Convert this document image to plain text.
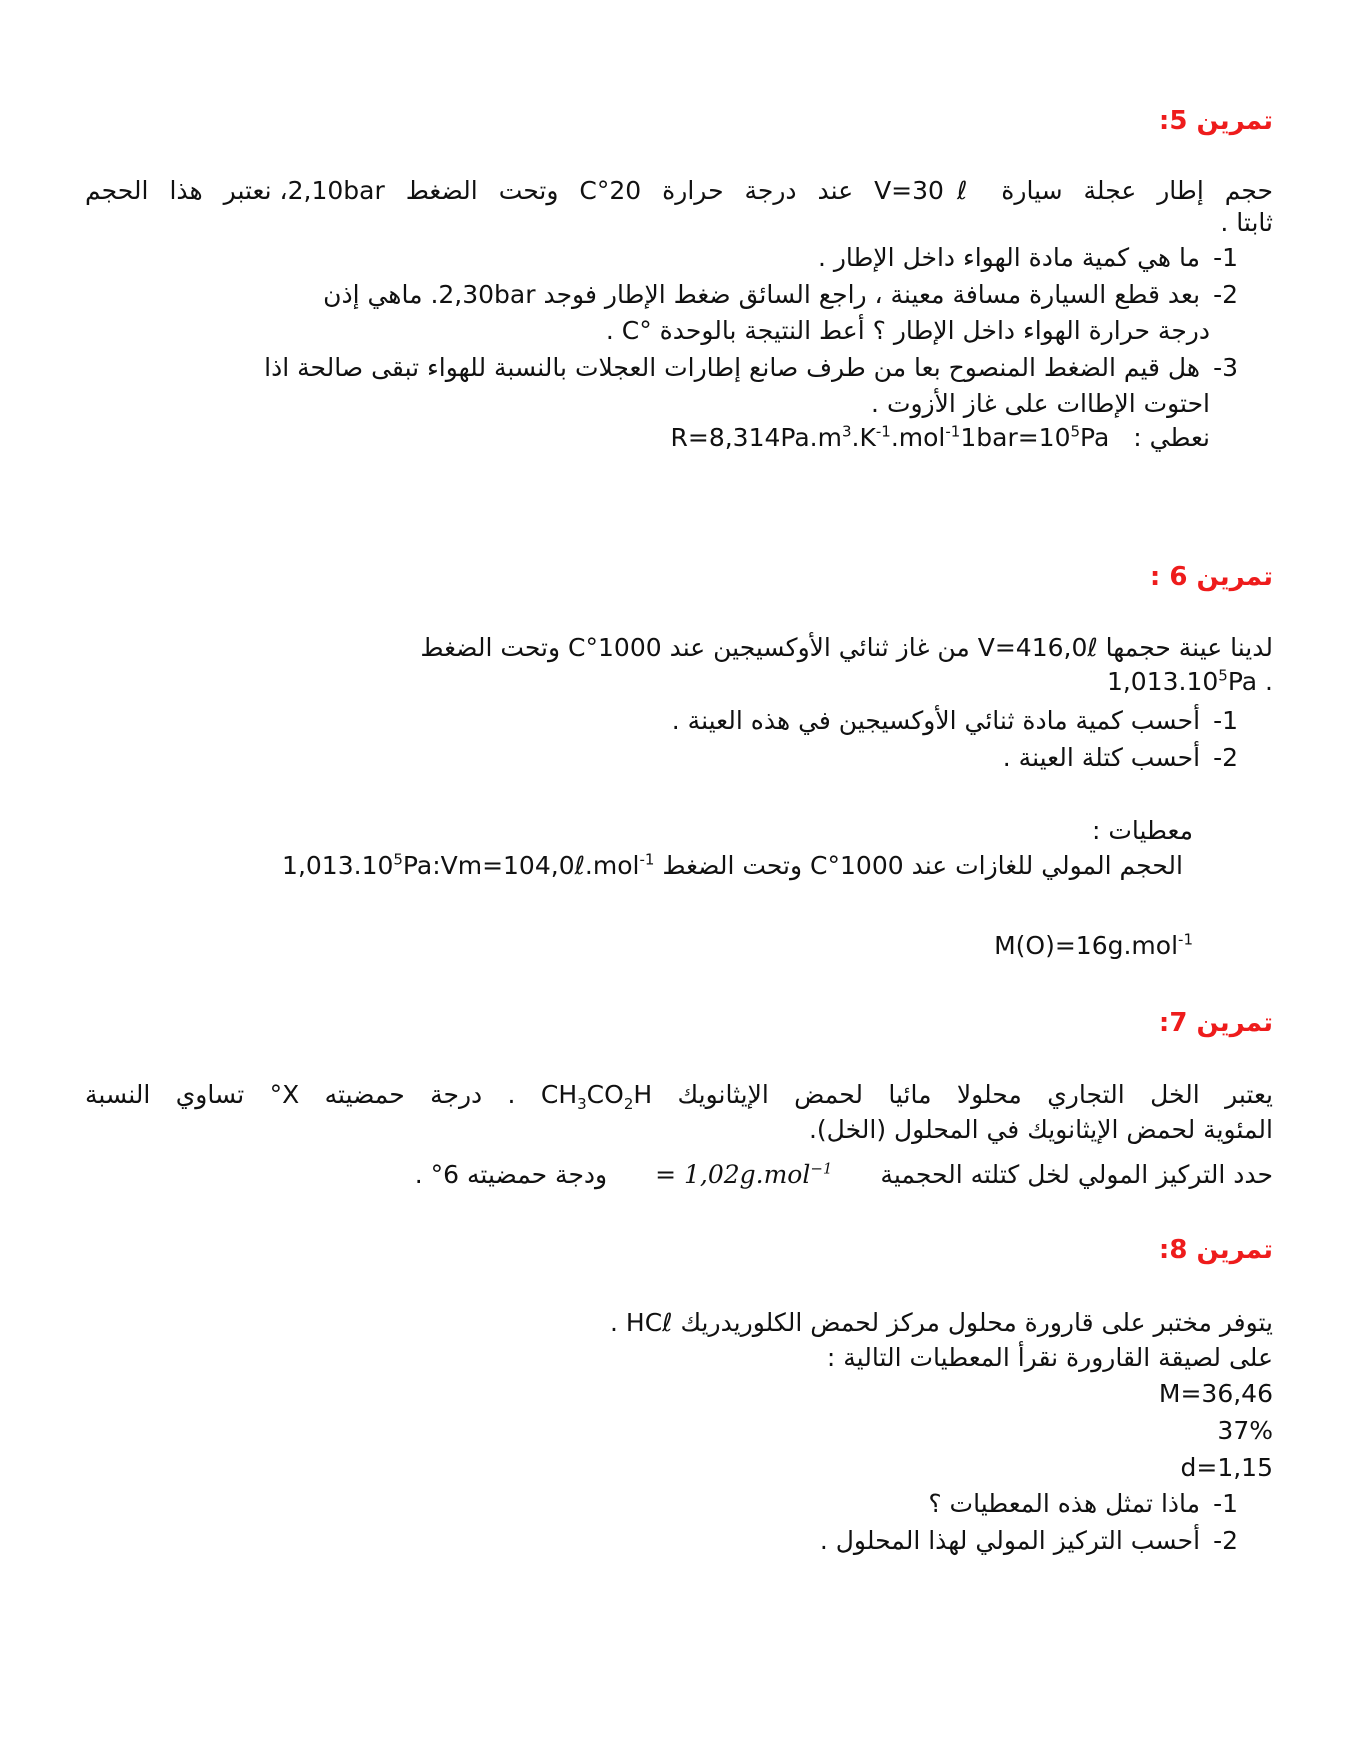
تمرين 5:
حجم إطار عجلة سيارة V=30ℓ عند درجة حرارة 20°C وتحت الضغط 2,10bar، نعتبر هذا الحجم
ثابتا .
1- ما هي كمية مادة الهواء داخل الإطار .
2- بعد قطع السيارة مسافة معينة ، راجع السائق ضغط الإطار فوجد 2,30bar. ماهي إذن
درجة حرارة الهواء داخل الإطار ؟ أعط النتيجة بالوحدة °C .
3- هل قيم الضغط المنصوح بعا من طرف صانع إطارات العجلات بالنسبة للهواء تبقى صالحة اذا
احتوت الإطاات على غاز الأزوت .
نعطي : $R=8,314Pa.m^3.K^{-1}.mol^{-1}1bar=10^5Pa$
تمرين 6 :
لدينا عينة حجمها V=416,0ℓ من غاز ثنائي الأوكسيجين عند 1000°C وتحت الضغط
1,013.10$^5$Pa .
1- أحسب كمية مادة ثنائي الأوكسيجين في هذه العينة .
2- أحسب كتلة العينة .
معطيات :
الحجم المولي للغازات عند 1000°C وتحت الضغط $1,013.10^5Pa:Vm=104,0\ell.mol^{-1}$
M(O)=16g.mol$^{-1}$
تمرين 7:
يعتبر الخل التجاري محلولا مائيا لحمض الإيثانويك $CH_3CO_2H$ . درجة حمضيته X° تساوي النسبة
المئوية لحمض الإيثانويك في المحلول (الخل).
حدد التركيز المولي لخل كتلته الحجمية = 1,02g.mol$^{-1}$ ودجة حمضيته 6° .
تمرين 8:
يتوفر مختبر على قارورة محلول مركز لحمض الكلوريدريك HCℓ .
على لصيقة القارورة نقرأ المعطيات التالية :
M=36,46
37%
d=1,15
1- ماذا تمثل هذه المعطيات ؟
2- أحسب التركيز المولي لهذا المحلول .
